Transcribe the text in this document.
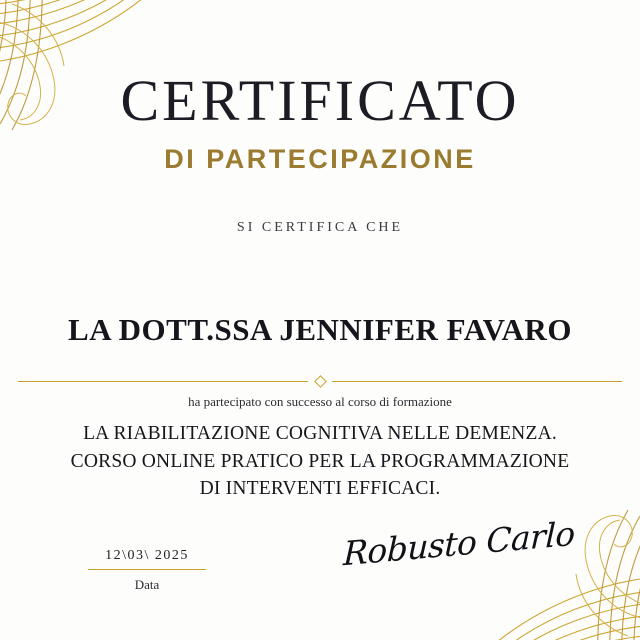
CERTIFICATO
DI PARTECIPAZIONE
SI CERTIFICA CHE
LA DOTT.SSA JENNIFER FAVARO
ha partecipato con successo al corso di formazione
LA RIABILITAZIONE COGNITIVA NELLE DEMENZA.
CORSO ONLINE PRATICO PER LA PROGRAMMAZIONE
DI INTERVENTI EFFICACI.
12\03\ 2025
Data
Robusto Carlo
